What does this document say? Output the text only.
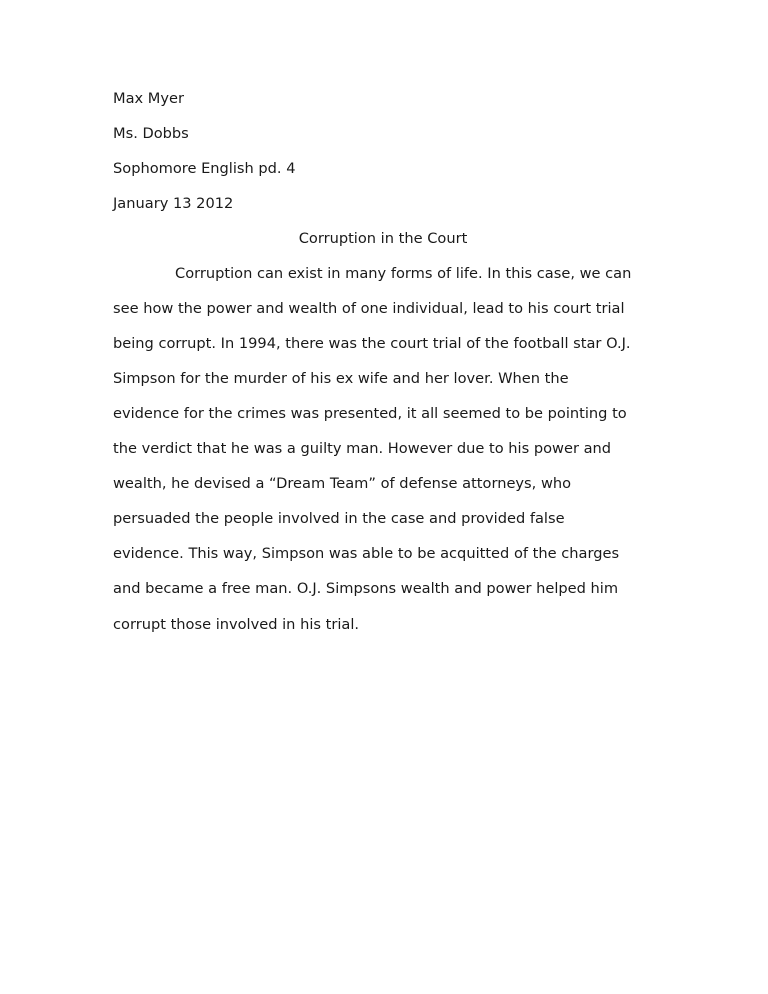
Max Myer
Ms. Dobbs
Sophomore English pd. 4
January 13 2012
Corruption in the Court
Corruption can exist in many forms of life. In this case, we can
see how the power and wealth of one individual, lead to his court trial
being corrupt. In 1994, there was the court trial of the football star O.J.
Simpson for the murder of his ex wife and her lover. When the
evidence for the crimes was presented, it all seemed to be pointing to
the verdict that he was a guilty man. However due to his power and
wealth, he devised a “Dream Team” of defense attorneys, who
persuaded the people involved in the case and provided false
evidence. This way, Simpson was able to be acquitted of the charges
and became a free man. O.J. Simpsons wealth and power helped him
corrupt those involved in his trial.
